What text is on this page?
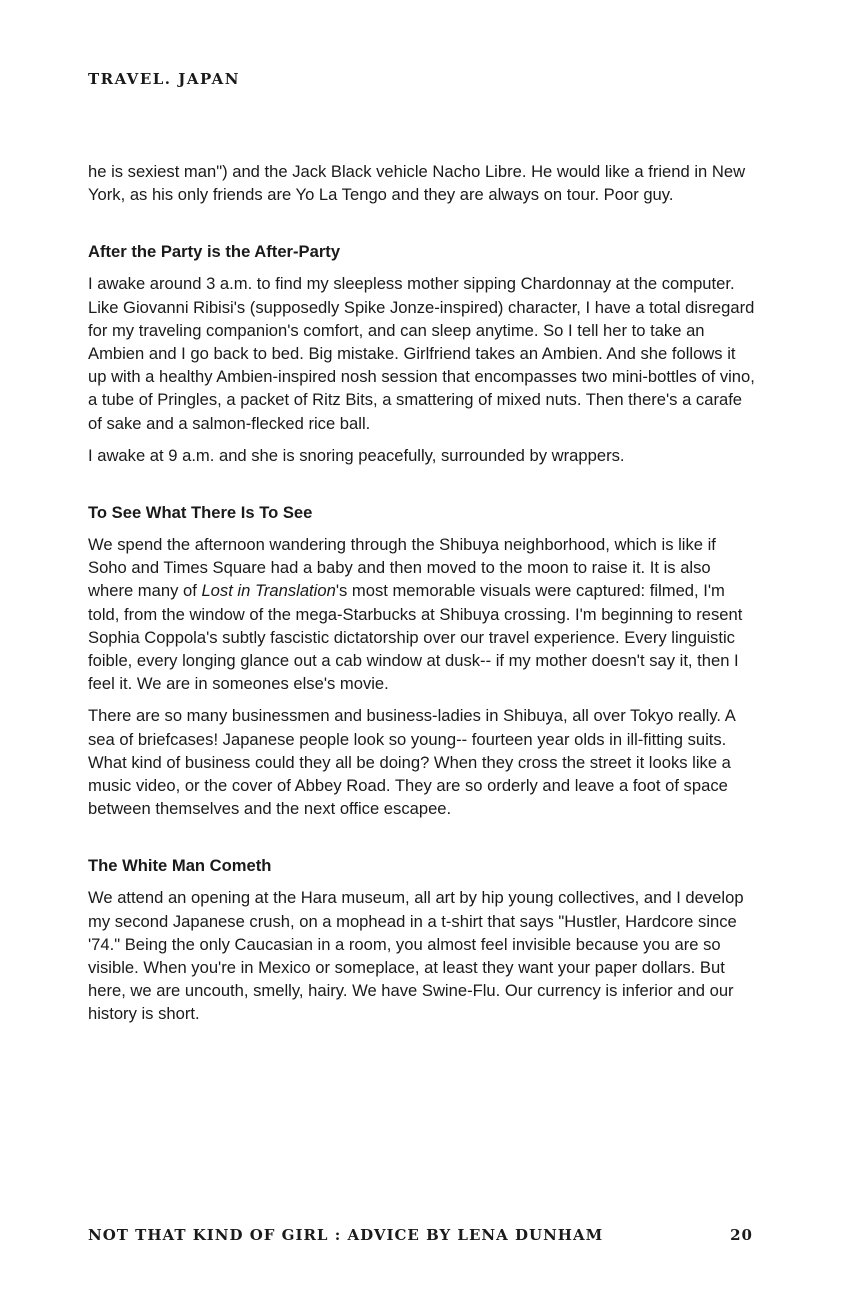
TRAVEL. JAPAN

he is sexiest man") and the Jack Black vehicle Nacho Libre. He would like a friend in New York, as his only friends are Yo La Tengo and they are always on tour. Poor guy.

After the Party is the After-Party

I awake around 3 a.m. to find my sleepless mother sipping Chardonnay at the computer. Like Giovanni Ribisi's (supposedly Spike Jonze-inspired) character, I have a total disregard for my traveling companion's comfort, and can sleep anytime. So I tell her to take an Ambien and I go back to bed. Big mistake. Girlfriend takes an Ambien. And she follows it up with a healthy Ambien-inspired nosh session that encompasses two mini-bottles of vino, a tube of Pringles, a packet of Ritz Bits, a smattering of mixed nuts. Then there's a carafe of sake and a salmon-flecked rice ball.

I awake at 9 a.m. and she is snoring peacefully, surrounded by wrappers.

To See What There Is To See

We spend the afternoon wandering through the Shibuya neighborhood, which is like if Soho and Times Square had a baby and then moved to the moon to raise it. It is also where many of Lost in Translation's most memorable visuals were captured: filmed, I'm told, from the window of the mega-Starbucks at Shibuya crossing. I'm beginning to resent Sophia Coppola's subtly fascistic dictatorship over our travel experience. Every linguistic foible, every longing glance out a cab window at dusk-- if my mother doesn't say it, then I feel it. We are in someones else's movie.

There are so many businessmen and business-ladies in Shibuya, all over Tokyo really. A sea of briefcases! Japanese people look so young-- fourteen year olds in ill-fitting suits. What kind of business could they all be doing? When they cross the street it looks like a music video, or the cover of Abbey Road. They are so orderly and leave a foot of space between themselves and the next office escapee.

The White Man Cometh

We attend an opening at the Hara museum, all art by hip young collectives, and I develop my second Japanese crush, on a mophead in a t-shirt that says "Hustler, Hardcore since '74." Being the only Caucasian in a room, you almost feel invisible because you are so visible. When you're in Mexico or someplace, at least they want your paper dollars. But here, we are uncouth, smelly, hairy. We have Swine-Flu. Our currency is inferior and our history is short.

NOT THAT KIND OF GIRL : ADVICE BY LENA DUNHAM	20
